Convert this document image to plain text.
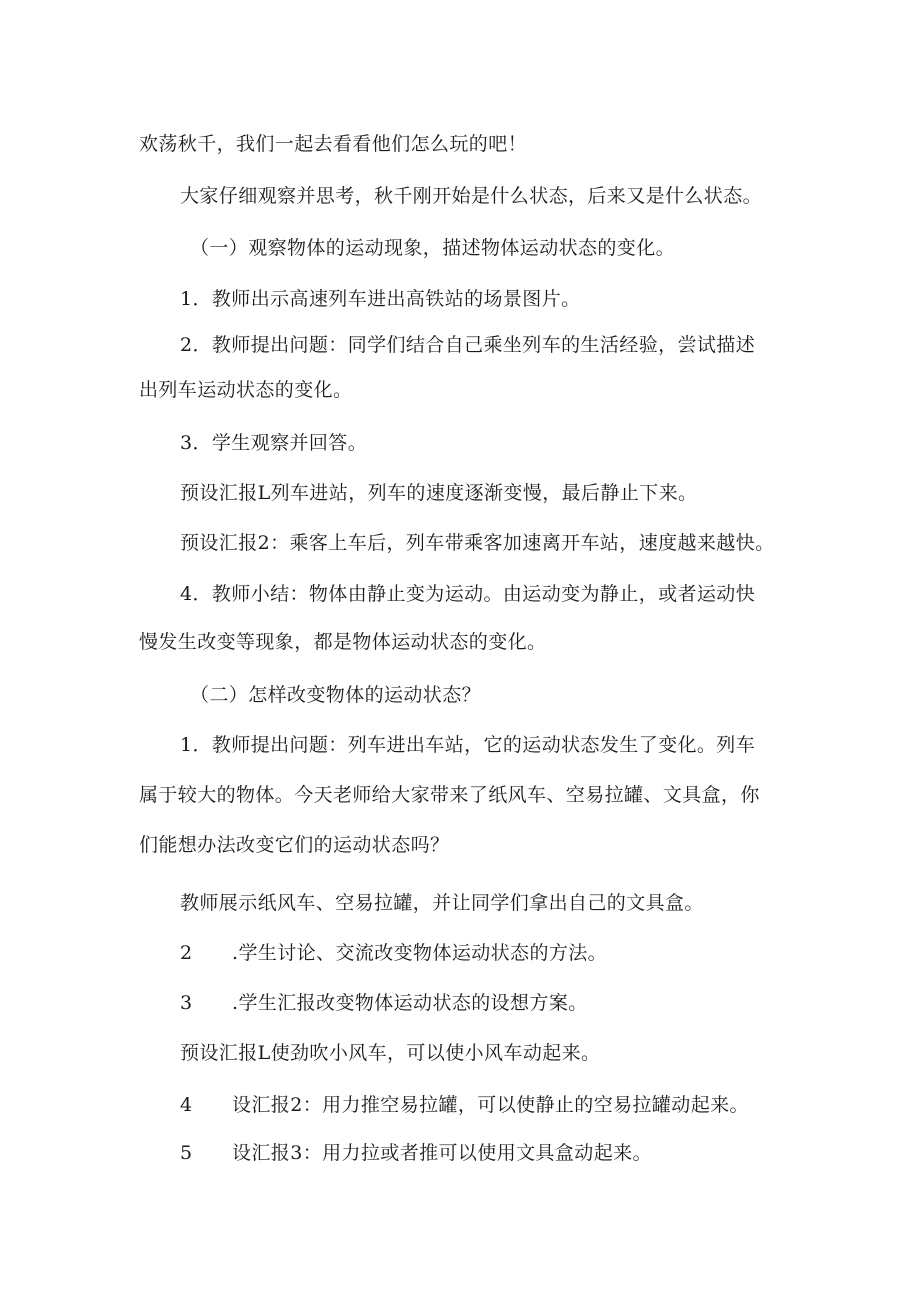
欢荡秋千，我们一起去看看他们怎么玩的吧！
大家仔细观察并思考，秋千刚开始是什么状态，后来又是什么状态。
（一）观察物体的运动现象，描述物体运动状态的变化。
1．教师出示高速列车进出高铁站的场景图片。
2．教师提出问题：同学们结合自己乘坐列车的生活经验，尝试描述
出列车运动状态的变化。
3．学生观察并回答。
预设汇报L列车进站，列车的速度逐渐变慢，最后静止下来。
预设汇报2：乘客上车后，列车带乘客加速离开车站，速度越来越快。
4．教师小结：物体由静止变为运动。由运动变为静止，或者运动快
慢发生改变等现象，都是物体运动状态的变化。
（二）怎样改变物体的运动状态？
1．教师提出问题：列车进出车站，它的运动状态发生了变化。列车
属于较大的物体。今天老师给大家带来了纸风车、空易拉罐、文具盒，你
们能想办法改变它们的运动状态吗？
教师展示纸风车、空易拉罐，并让同学们拿出自己的文具盒。
2 .学生讨论、交流改变物体运动状态的方法。
3 .学生汇报改变物体运动状态的设想方案。
预设汇报L使劲吹小风车，可以使小风车动起来。
4 设汇报2：用力推空易拉罐，可以使静止的空易拉罐动起来。
5 设汇报3：用力拉或者推可以使用文具盒动起来。
